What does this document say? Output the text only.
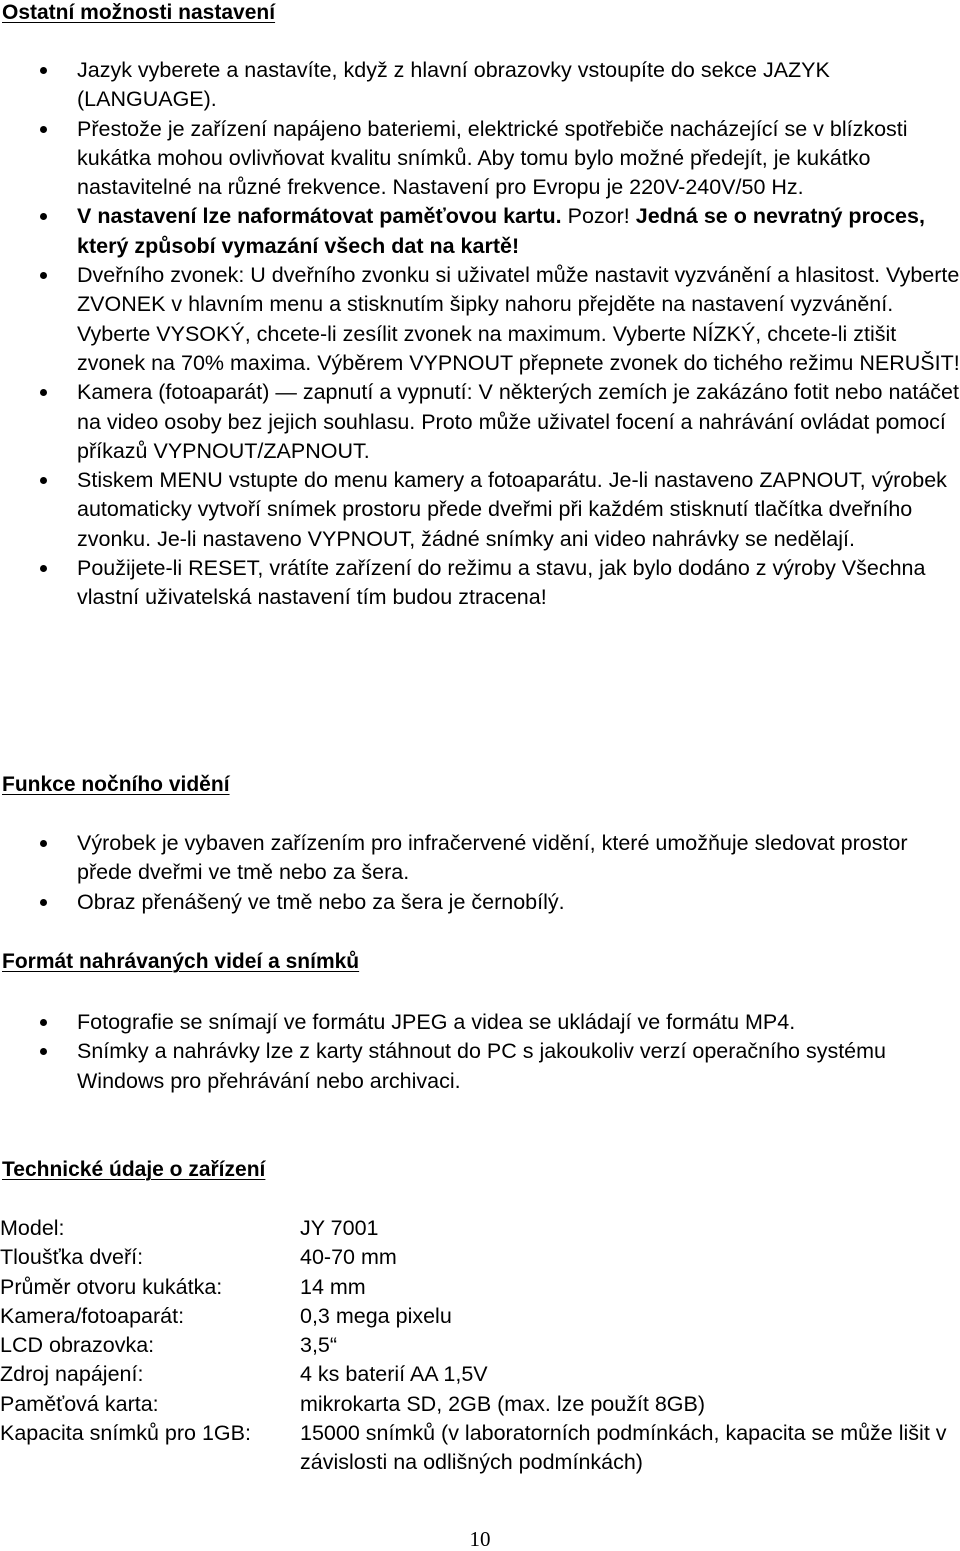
Ostatní možnosti nastavení
Jazyk vyberete a nastavíte, když z hlavní obrazovky vstoupíte do sekce JAZYK (LANGUAGE).
Přestože je zařízení napájeno bateriemi, elektrické spotřebiče nacházející se v blízkosti kukátka mohou ovlivňovat kvalitu snímků. Aby tomu bylo možné předejít, je kukátko nastavitelné na různé frekvence. Nastavení pro Evropu je 220V-240V/50 Hz.
V nastavení lze naformátovat paměťovou kartu. Pozor! Jedná se o nevratný proces, který způsobí vymazání všech dat na kartě!
Dveřního zvonek: U dveřního zvonku si uživatel může nastavit vyzvánění a hlasitost. Vyberte ZVONEK v hlavním menu a stisknutím šipky nahoru přejděte na nastavení vyzvánění. Vyberte VYSOKÝ, chcete-li zesílit zvonek na maximum. Vyberte NÍZKÝ, chcete-li ztišit zvonek na 70% maxima. Výběrem VYPNOUT přepnete zvonek do tichého režimu NERUŠIT!
Kamera (fotoaparát) — zapnutí a vypnutí: V některých zemích je zakázáno fotit nebo natáčet na video osoby bez jejich souhlasu. Proto může uživatel focení a nahrávání ovládat pomocí příkazů VYPNOUT/ZAPNOUT.
Stiskem MENU vstupte do menu kamery a fotoaparátu. Je-li nastaveno ZAPNOUT, výrobek automaticky vytvoří snímek prostoru přede dveřmi při každém stisknutí tlačítka dveřního zvonku. Je-li nastaveno VYPNOUT, žádné snímky ani video nahrávky se nedělají.
Použijete-li RESET, vrátíte zařízení do režimu a stavu, jak bylo dodáno z výroby Všechna vlastní uživatelská nastavení tím budou ztracena!
Funkce nočního vidění
Výrobek je vybaven zařízením pro infračervené vidění, které umožňuje sledovat prostor přede dveřmi ve tmě nebo za šera.
Obraz přenášený ve tmě nebo za šera je černobílý.
Formát nahrávaných videí a snímků
Fotografie se snímají ve formátu JPEG a videa se ukládají ve formátu MP4.
Snímky a nahrávky lze z karty stáhnout do PC s jakoukoliv verzí operačního systému Windows pro přehrávání nebo archivaci.
Technické údaje o zařízení
Model:	JY 7001
Tloušťka dveří:	40-70 mm
Průměr otvoru kukátka:	14 mm
Kamera/fotoaparát:	0,3 mega pixelu
LCD obrazovka:	3,5“
Zdroj napájení:	4 ks baterií AA 1,5V
Paměťová karta:	mikrokarta SD, 2GB (max. lze použít 8GB)
Kapacita snímků pro 1GB:	15000 snímků (v laboratorních podmínkách, kapacita se může lišit v závislosti na odlišných podmínkách)
10
